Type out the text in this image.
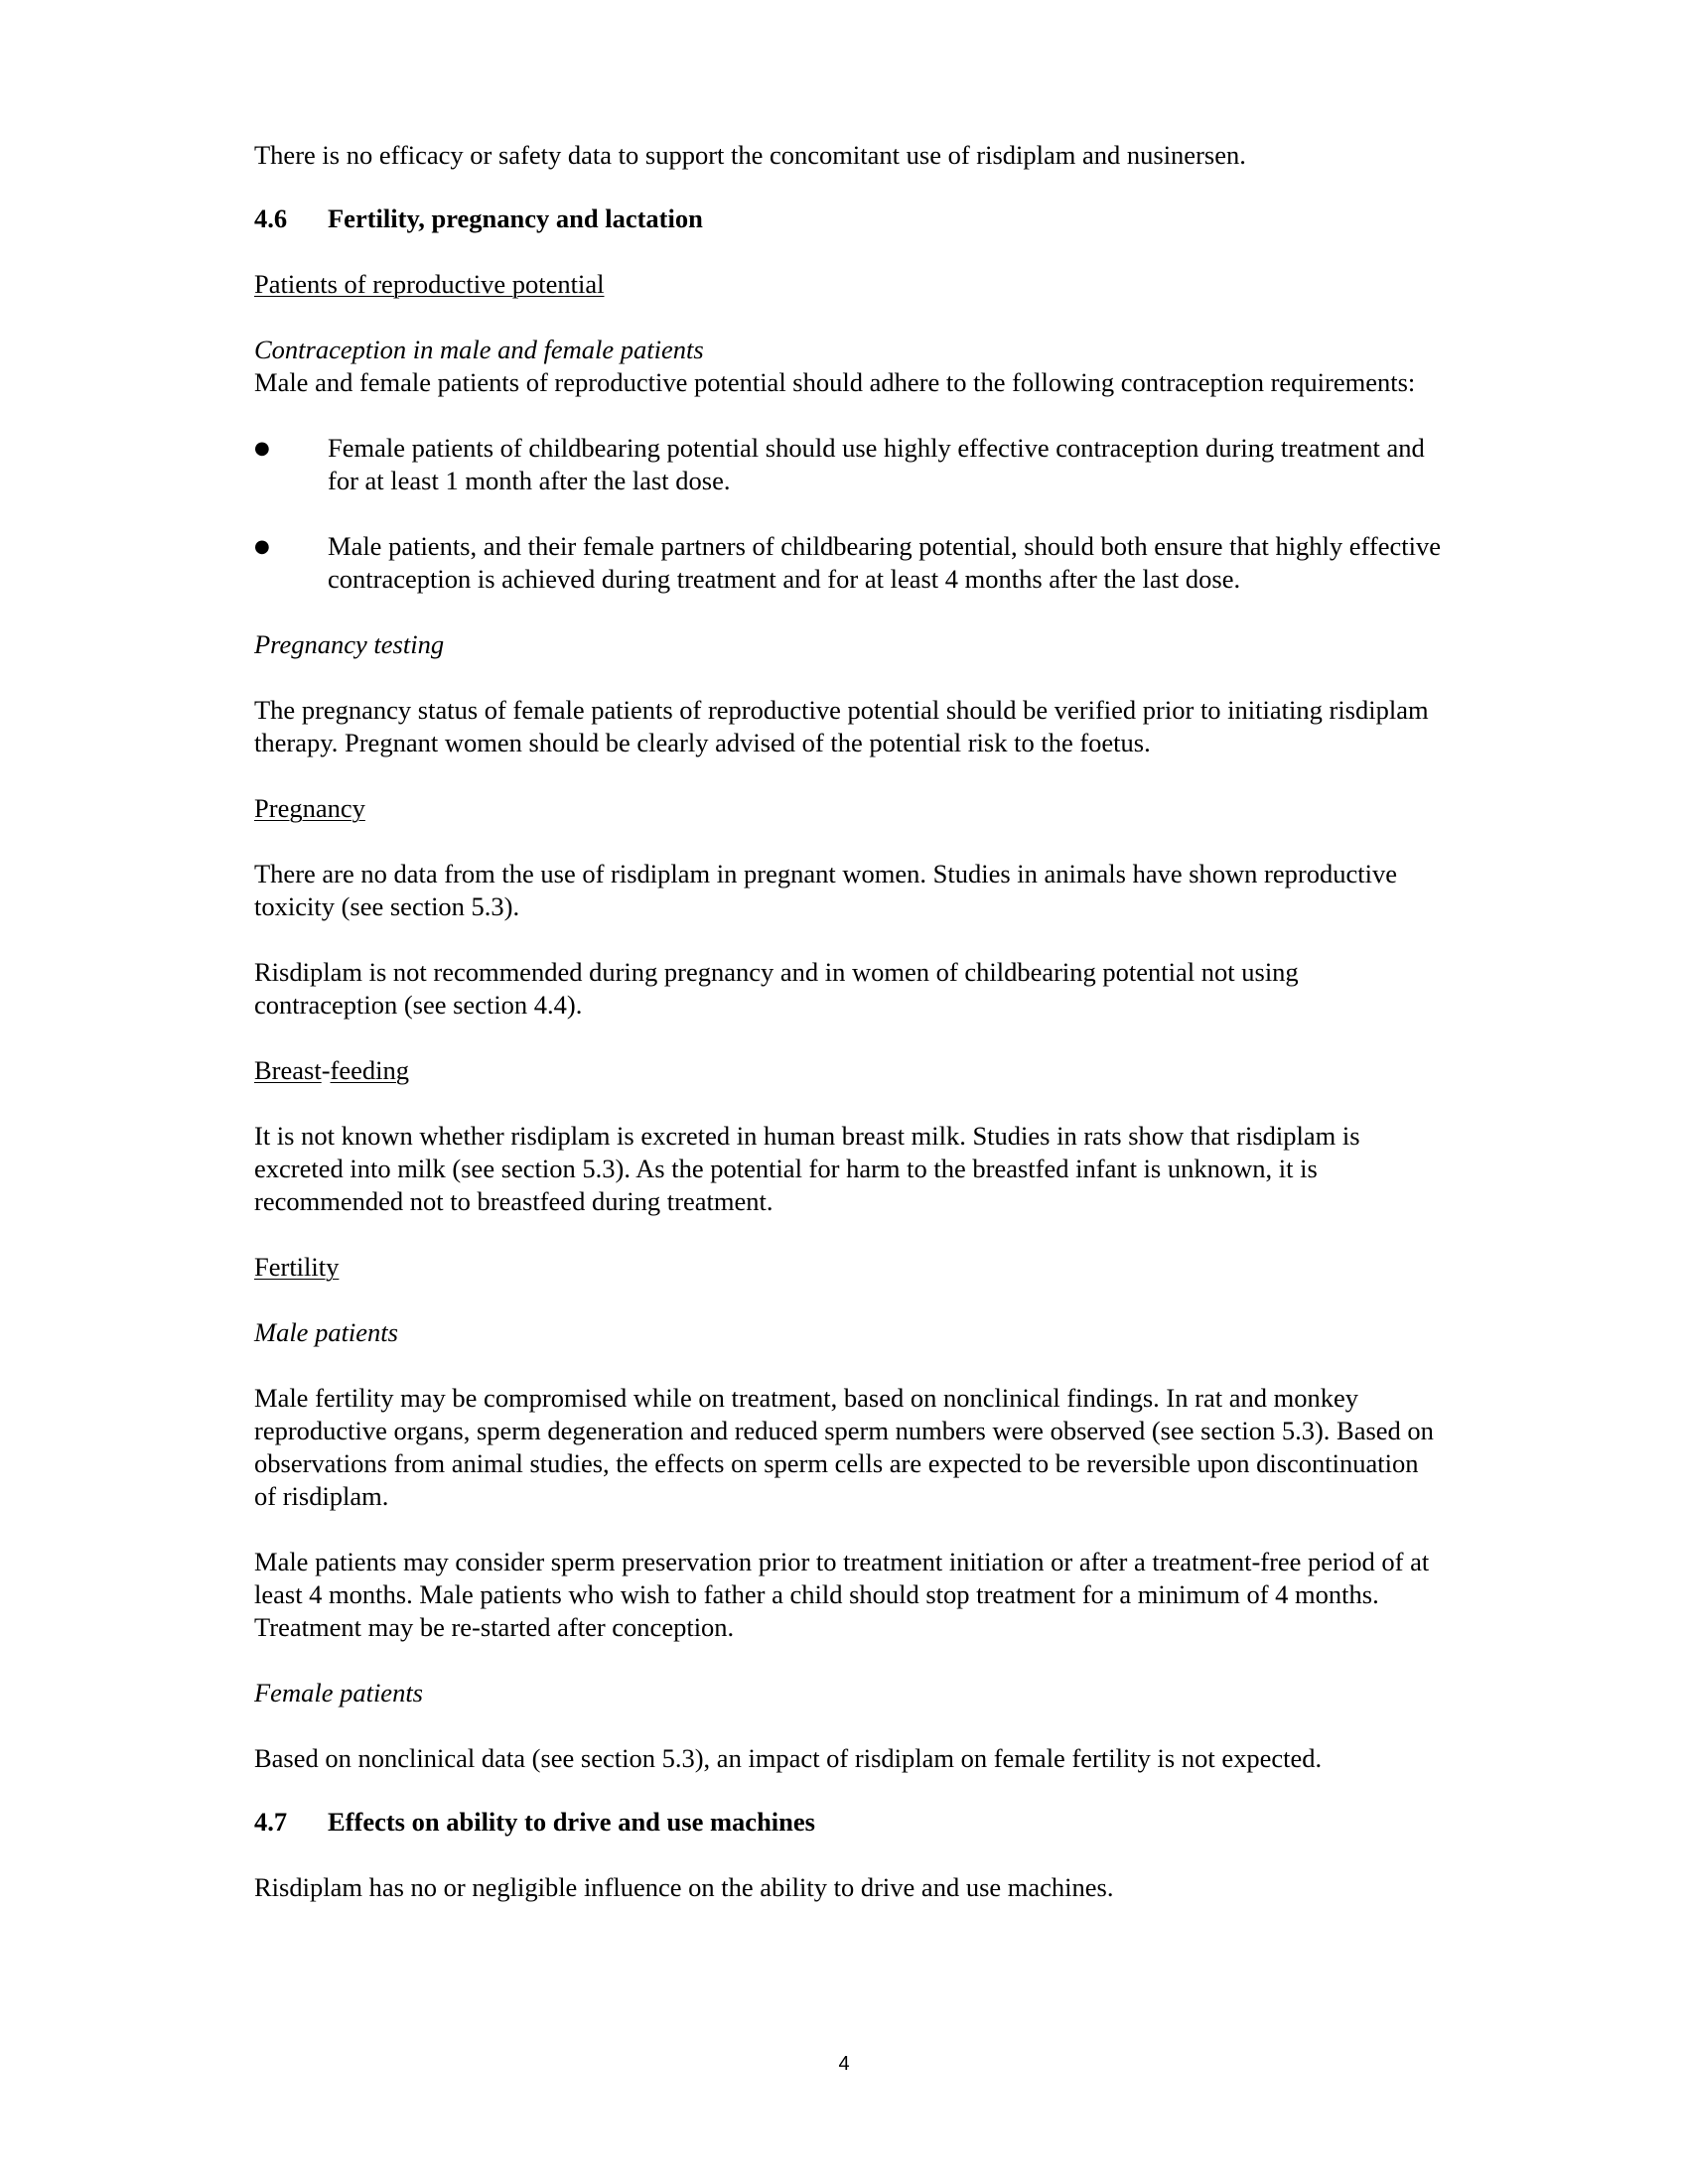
There is no efficacy or safety data to support the concomitant use of risdiplam and nusinersen.

4.6 Fertility, pregnancy and lactation

Patients of reproductive potential

Contraception in male and female patients

Male and female patients of reproductive potential should adhere to the following contraception requirements:

● Female patients of childbearing potential should use highly effective contraception during treatment and for at least 1 month after the last dose.
● Male patients, and their female partners of childbearing potential, should both ensure that highly effective contraception is achieved during treatment and for at least 4 months after the last dose.

Pregnancy testing

The pregnancy status of female patients of reproductive potential should be verified prior to initiating risdiplam therapy. Pregnant women should be clearly advised of the potential risk to the foetus.

Pregnancy

There are no data from the use of risdiplam in pregnant women. Studies in animals have shown reproductive toxicity (see section 5.3).

Risdiplam is not recommended during pregnancy and in women of childbearing potential not using contraception (see section 4.4).

Breast-feeding

It is not known whether risdiplam is excreted in human breast milk. Studies in rats show that risdiplam is excreted into milk (see section 5.3). As the potential for harm to the breastfed infant is unknown, it is recommended not to breastfeed during treatment.

Fertility

Male patients

Male fertility may be compromised while on treatment, based on nonclinical findings. In rat and monkey reproductive organs, sperm degeneration and reduced sperm numbers were observed (see section 5.3). Based on observations from animal studies, the effects on sperm cells are expected to be reversible upon discontinuation of risdiplam.

Male patients may consider sperm preservation prior to treatment initiation or after a treatment-free period of at least 4 months. Male patients who wish to father a child should stop treatment for a minimum of 4 months. Treatment may be re-started after conception.

Female patients

Based on nonclinical data (see section 5.3), an impact of risdiplam on female fertility is not expected.

4.7 Effects on ability to drive and use machines

Risdiplam has no or negligible influence on the ability to drive and use machines.

4
